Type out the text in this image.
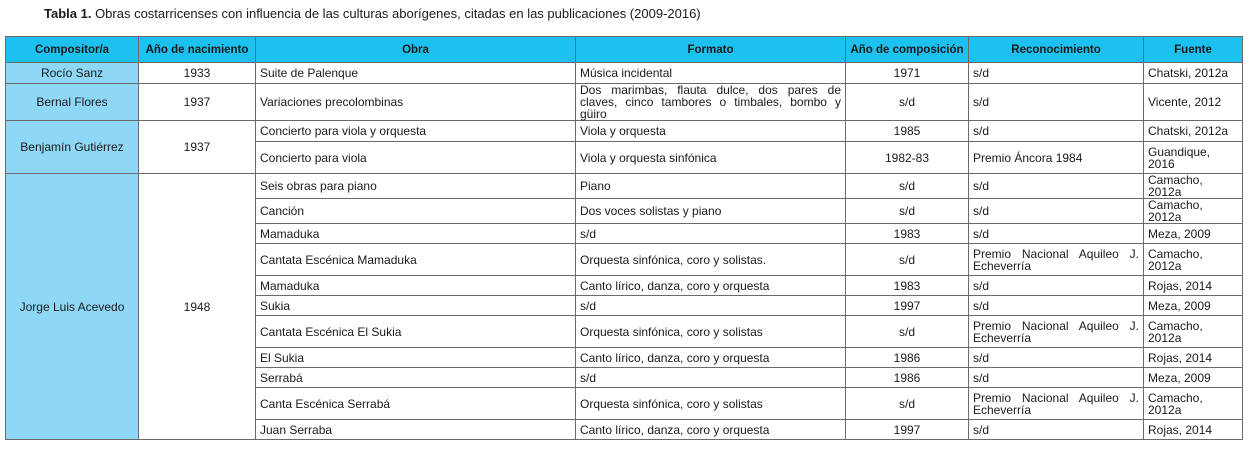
Tabla 1. Obras costarricenses con influencia de las culturas aborígenes, citadas en las publicaciones (2009-2016)
Compositor/a	Año de nacimiento	Obra	Formato	Año de composición	Reconocimiento	Fuente
Rocío Sanz	1933	Suite de Palenque	Música incidental	1971	s/d	Chatski, 2012a
Bernal Flores	1937	Variaciones precolombinas	Dos marimbas, flauta dulce, dos pares de claves, cinco tambores o timbales, bombo y güiro	s/d	s/d	Vicente, 2012
Benjamín Gutiérrez	1937	Concierto para viola y orquesta	Viola y orquesta	1985	s/d	Chatski, 2012a
		Concierto para viola	Viola y orquesta sinfónica	1982-83	Premio Áncora 1984	Guandique, 2016
Jorge Luis Acevedo	1948	Seis obras para piano	Piano	s/d	s/d	Camacho, 2012a
		Canción	Dos voces solistas y piano	s/d	s/d	Camacho, 2012a
		Mamaduka	s/d	1983	s/d	Meza, 2009
		Cantata Escénica Mamaduka	Orquesta sinfónica, coro y solistas.	s/d	Premio Nacional Aquileo J. Echeverría	Camacho, 2012a
		Mamaduka	Canto lírico, danza, coro y orquesta	1983	s/d	Rojas, 2014
		Sukia	s/d	1997	s/d	Meza, 2009
		Cantata Escénica El Sukia	Orquesta sinfónica, coro y solistas	s/d	Premio Nacional Aquileo J. Echeverría	Camacho, 2012a
		El Sukia	Canto lírico, danza, coro y orquesta	1986	s/d	Rojas, 2014
		Serrabá	s/d	1986	s/d	Meza, 2009
		Canta Escénica Serrabá	Orquesta sinfónica, coro y solistas	s/d	Premio Nacional Aquileo J. Echeverría	Camacho, 2012a
		Juan Serraba	Canto lírico, danza, coro y orquesta	1997	s/d	Rojas, 2014
